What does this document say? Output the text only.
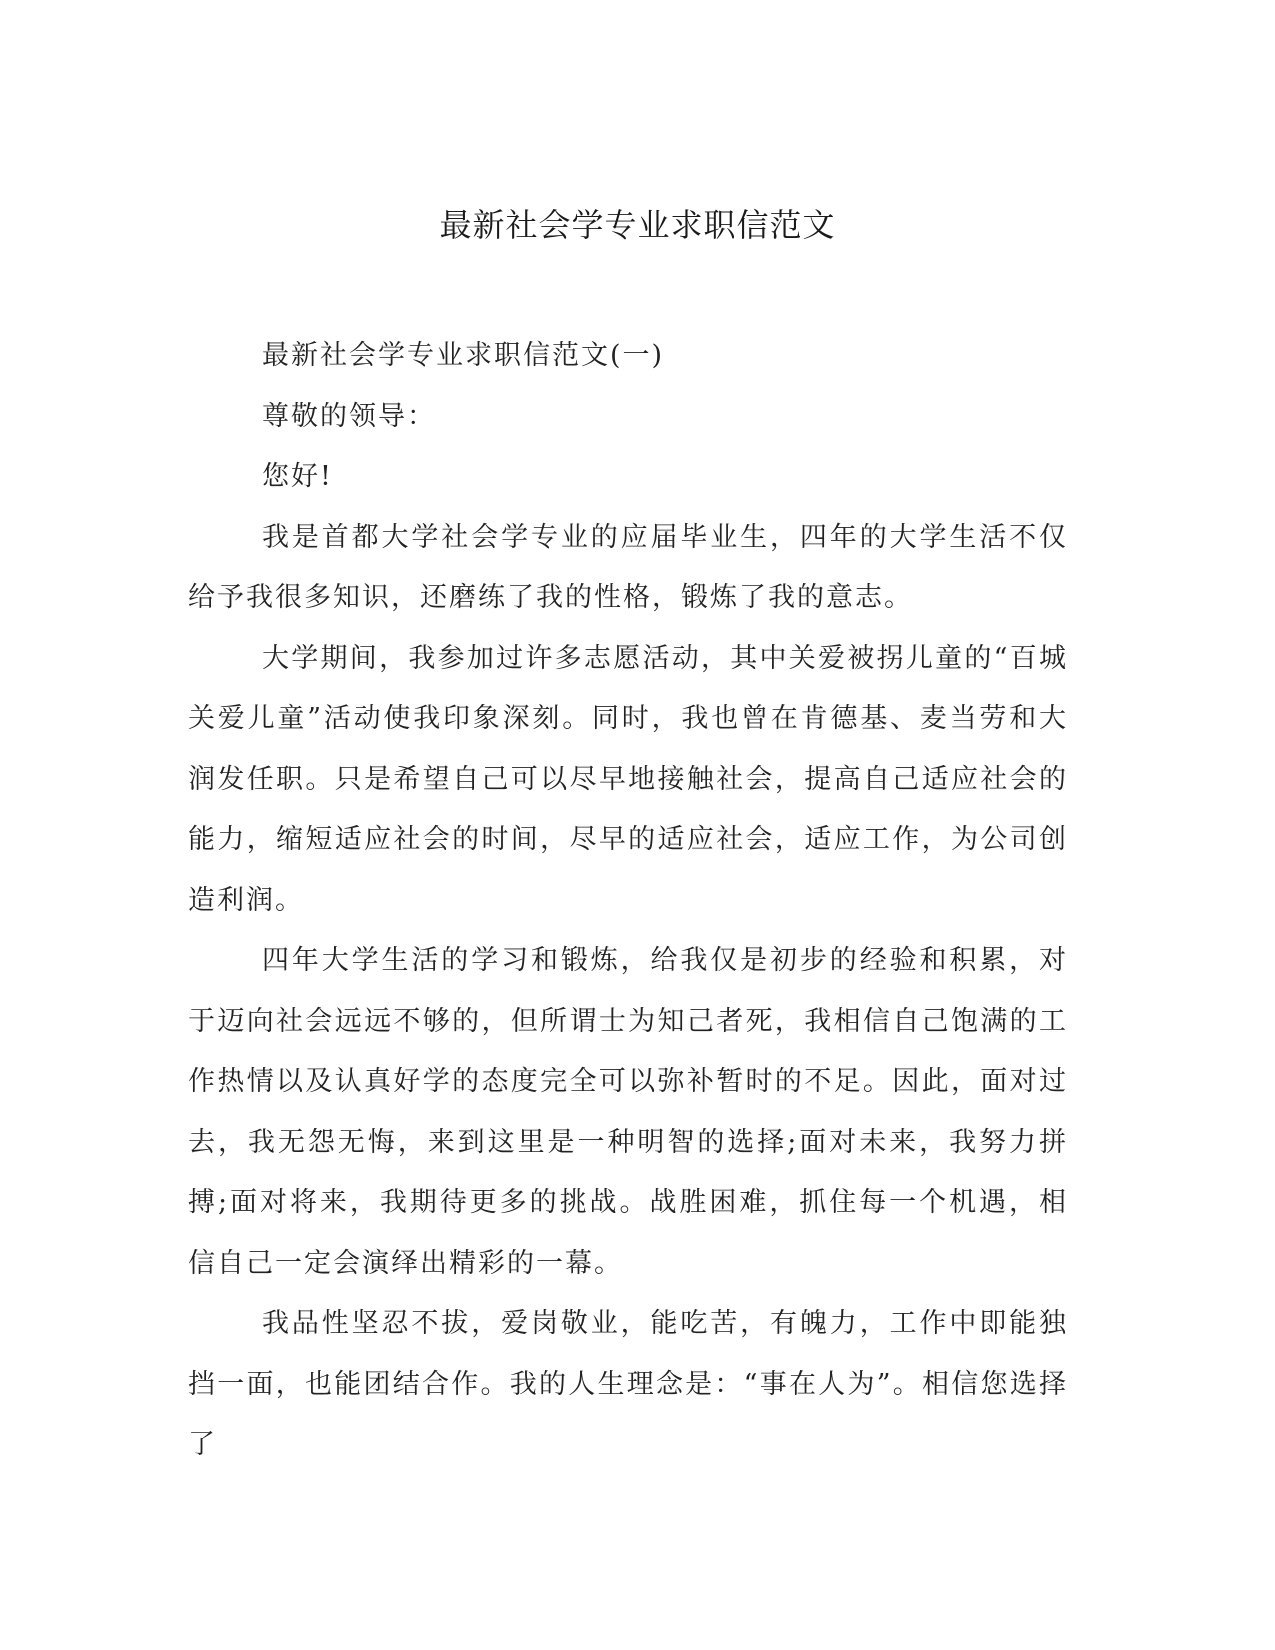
最新社会学专业求职信范文

最新社会学专业求职信范文(一)

尊敬的领导：

您好!

我是首都大学社会学专业的应届毕业生，四年的大学生活不仅给予我很多知识，还磨练了我的性格，锻炼了我的意志。

大学期间，我参加过许多志愿活动，其中关爱被拐儿童的“百城关爱儿童”活动使我印象深刻。同时，我也曾在肯德基、麦当劳和大润发任职。只是希望自己可以尽早地接触社会，提高自己适应社会的能力，缩短适应社会的时间，尽早的适应社会，适应工作，为公司创造利润。

四年大学生活的学习和锻炼，给我仅是初步的经验和积累，对于迈向社会远远不够的，但所谓士为知己者死，我相信自己饱满的工作热情以及认真好学的态度完全可以弥补暂时的不足。因此，面对过去，我无怨无悔，来到这里是一种明智的选择;面对未来，我努力拼搏;面对将来，我期待更多的挑战。战胜困难，抓住每一个机遇，相信自己一定会演绎出精彩的一幕。

我品性坚忍不拔，爱岗敬业，能吃苦，有魄力，工作中即能独挡一面，也能团结合作。我的人生理念是：“事在人为”。相信您选择了
